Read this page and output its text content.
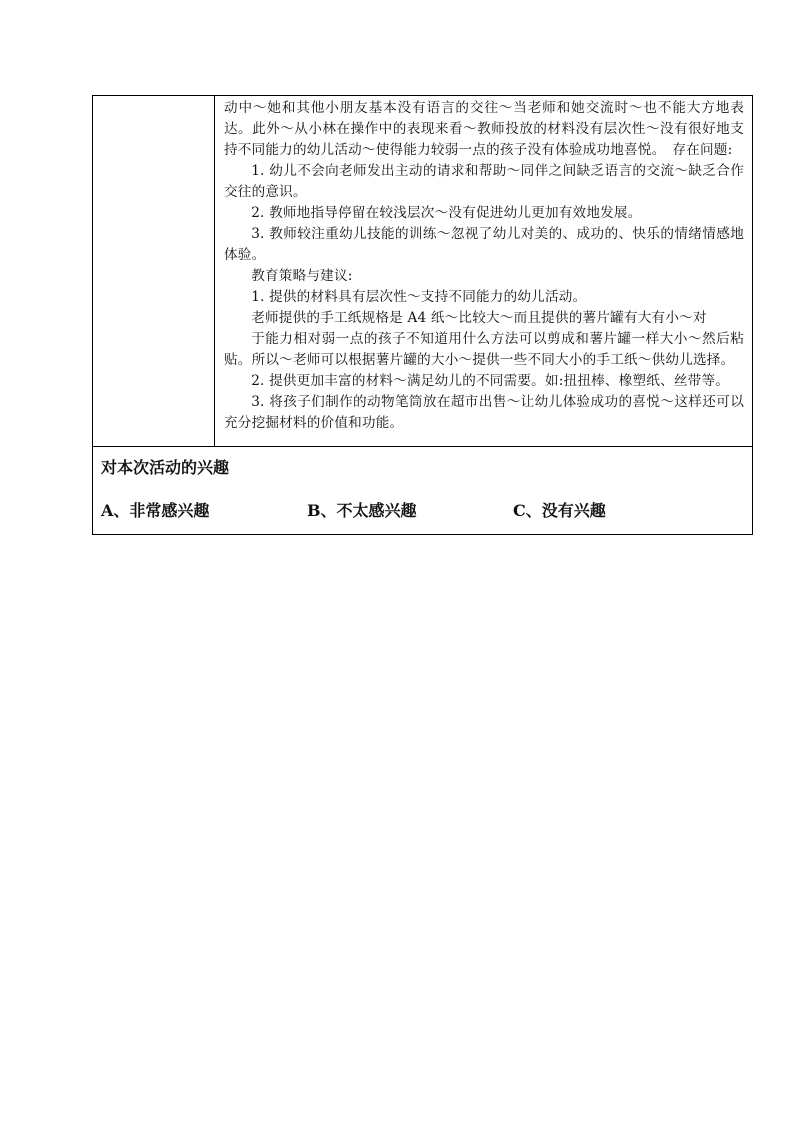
动中～她和其他小朋友基本没有语言的交往～当老师和她交流时～也不能大方地表达。此外～从小林在操作中的表现来看～教师投放的材料没有层次性～没有很好地支持不同能力的幼儿活动～使得能力较弱一点的孩子没有体验成功地喜悦。　存在问题:

1. 幼儿不会向老师发出主动的请求和帮助～同伴之间缺乏语言的交流～缺乏合作交往的意识。

2. 教师地指导停留在较浅层次～没有促进幼儿更加有效地发展。

3. 教师较注重幼儿技能的训练～忽视了幼儿对美的、成功的、快乐的情绪情感地体验。

教育策略与建议:

1. 提供的材料具有层次性～支持不同能力的幼儿活动。

老师提供的手工纸规格是 A4 纸～比较大～而且提供的薯片罐有大有小～对

于能力相对弱一点的孩子不知道用什么方法可以剪成和薯片罐一样大小～然后粘贴。所以～老师可以根据薯片罐的大小～提供一些不同大小的手工纸～供幼儿选择。

2. 提供更加丰富的材料～满足幼儿的不同需要。如:扭扭棒、橡塑纸、丝带等。

3. 将孩子们制作的动物笔筒放在超市出售～让幼儿体验成功的喜悦～这样还可以充分挖掘材料的价值和功能。

对本次活动的兴趣
A、非常感兴趣	B、不太感兴趣	C、没有兴趣
